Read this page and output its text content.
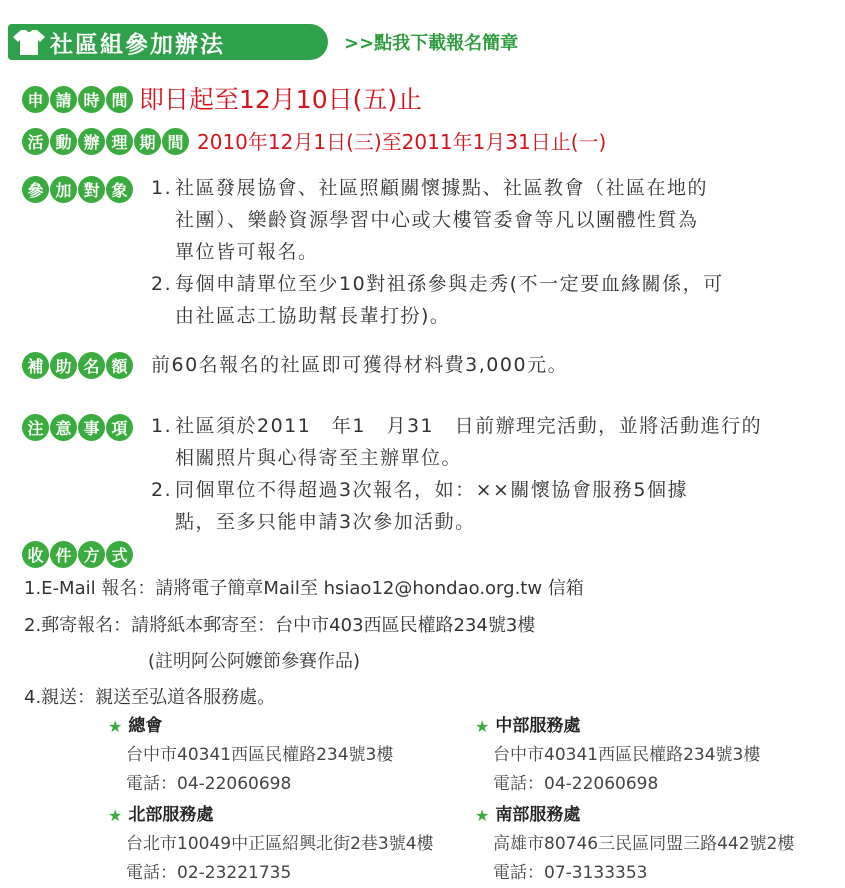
社區組參加辦法	>>點我下載報名簡章
申 請 時 間 即日起至12月10日(五)止
活 動 辦 理 期 間 2010年12月1日(三)至2011年1月31日止(一)
參 加 對 象 1. 社區發展協會、社區照顧關懷據點、社區教會（社區在地的
社團）、樂齡資源學習中心或大樓管委會等凡以團體性質為
單位皆可報名。
2. 每個申請單位至少10對祖孫參與走秀(不一定要血緣關係，可
由社區志工協助幫長輩打扮)。
補 助 名 額 前60名報名的社區即可獲得材料費3,000元。
注 意 事 項 1. 社區須於2011　年1　月31　日前辦理完活動，並將活動進行的
相關照片與心得寄至主辦單位。
2. 同個單位不得超過3次報名，如：××關懷協會服務5個據
點，至多只能申請3次參加活動。
收 件 方 式
1.E-Mail 報名：請將電子簡章Mail至 hsiao12@hondao.org.tw 信箱
2.郵寄報名：請將紙本郵寄至：台中市403西區民權路234號3樓
(註明阿公阿嬤節參賽作品)
4.親送：親送至弘道各服務處。
★ 總會
台中市40341西區民權路234號3樓
電話：04-22060698
★ 中部服務處
台中市40341西區民權路234號3樓
電話：04-22060698
★ 北部服務處
台北市10049中正區紹興北街2巷3號4樓
電話：02-23221735
★ 南部服務處
高雄市80746三民區同盟三路442號2樓
電話：07-3133353
